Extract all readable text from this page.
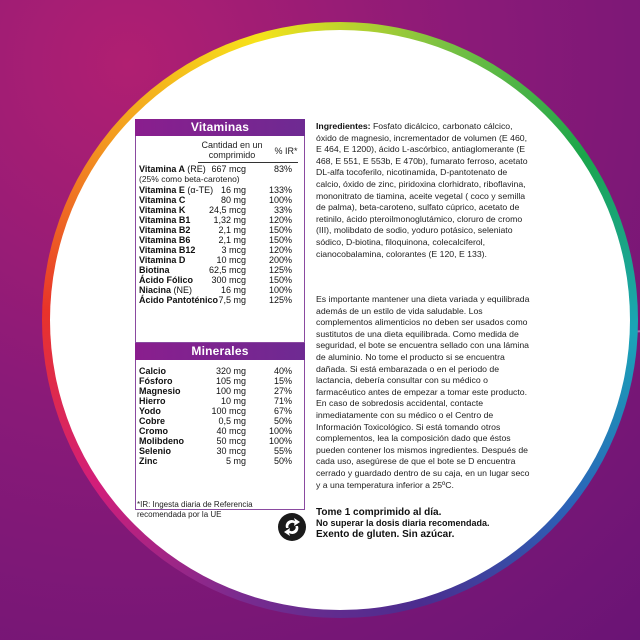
Vitaminas
Cantidad en un comprimido	% IR*
Vitamina A (RE) 667 mcg	83%
(25% como beta-caroteno)
Vitamina E (α-TE) 16 mg	133%
Vitamina C	80 mg	100%
Vitamina K	24,5 mcg	33%
Vitamina B1	1,32 mg	120%
Vitamina B2	2,1 mg	150%
Vitamina B6	2,1 mg	150%
Vitamina B12	3 mcg	120%
Vitamina D	10 mcg	200%
Biotina	62,5 mcg	125%
Ácido Fólico 300 mcg	150%
Niacina (NE)	16 mg	100%
Ácido Pantoténico 7,5 mg	125%
Minerales
Calcio	320 mg	40%
Fósforo	105 mg	15%
Magnesio	100 mg	27%
Hierro	10 mg	71%
Yodo	100 mcg	67%
Cobre	0,5 mg	50%
Cromo	40 mcg	100%
Molibdeno	50 mcg	100%
Selenio	30 mcg	55%
Zinc	5 mg	50%
*IR: Ingesta diaria de Referencia recomendada por la UE
Ingredientes: Fosfato dicálcico, carbonato cálcico, óxido de magnesio, incrementador de volumen (E 460, E 464, E 1200), ácido L-ascórbico, antiaglomerante (E 468, E 551, E 553b, E 470b), fumarato ferroso, acetato DL-alfa tocoferilo, nicotinamida, D-pantotenato de calcio, óxido de zinc, piridoxina clorhidrato, riboflavina, mononitrato de tiamina, aceite vegetal ( coco y semilla de palma), beta-caroteno, sulfato cúprico, acetato de retinilo, ácido pteroilmonoglutámico, cloruro de cromo (III), molibdato de sodio, yoduro potásico, seleniato sódico, D-biotina, filoquinona, colecalciferol, cianocobalamina, colorantes (E 120, E 133).
Es importante mantener una dieta variada y equilibrada además de un estilo de vida saludable. Los complementos alimenticios no deben ser usados como sustitutos de una dieta equilibrada. Como medida de seguridad, el bote se encuentra sellado con una lámina de aluminio. No tome el producto si se encuentra dañada. Si está embarazada o en el periodo de lactancia, debería consultar con su médico o farmacéutico antes de empezar a tomar este producto. En caso de sobredosis accidental, contacte inmediatamente con su médico o el Centro de Información Toxicológico. Si está tomando otros complementos, lea la composición dado que éstos pueden contener los mismos ingredientes. Después de cada uso, asegúrese de que el bote se D encuentra cerrado y guardado dentro de su caja, en un lugar seco y a una temperatura inferior a 25ºC.
Tome 1 comprimido al día.
No superar la dosis diaria recomendada.
Exento de gluten. Sin azúcar.
